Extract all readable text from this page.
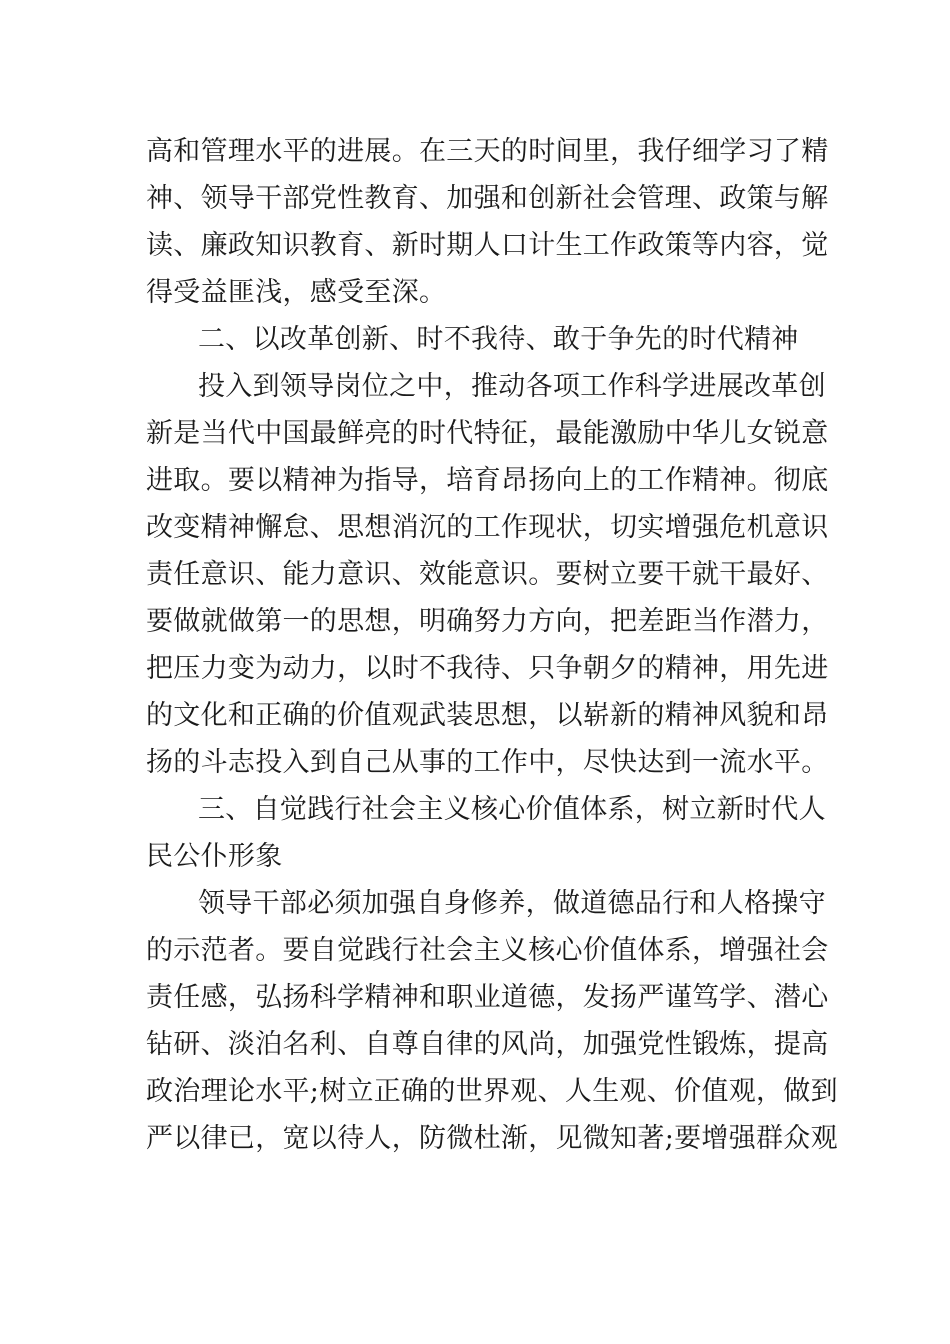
高和管理水平的进展。在三天的时间里，我仔细学习了精
神、领导干部党性教育、加强和创新社会管理、政策与解
读、廉政知识教育、新时期人口计生工作政策等内容，觉
得受益匪浅，感受至深。
二、以改革创新、时不我待、敢于争先的时代精神
投入到领导岗位之中，推动各项工作科学进展改革创
新是当代中国最鲜亮的时代特征，最能激励中华儿女锐意
进取。要以精神为指导，培育昂扬向上的工作精神。彻底
改变精神懈怠、思想消沉的工作现状，切实增强危机意识
责任意识、能力意识、效能意识。要树立要干就干最好、
要做就做第一的思想，明确努力方向，把差距当作潜力，
把压力变为动力，以时不我待、只争朝夕的精神，用先进
的文化和正确的价值观武装思想，以崭新的精神风貌和昂
扬的斗志投入到自己从事的工作中，尽快达到一流水平。
三、自觉践行社会主义核心价值体系，树立新时代人
民公仆形象
领导干部必须加强自身修养，做道德品行和人格操守
的示范者。要自觉践行社会主义核心价值体系，增强社会
责任感，弘扬科学精神和职业道德，发扬严谨笃学、潜心
钻研、淡泊名利、自尊自律的风尚，加强党性锻炼，提高
政治理论水平;树立正确的世界观、人生观、价值观，做到
严以律已，宽以待人，防微杜渐，见微知著;要增强群众观
